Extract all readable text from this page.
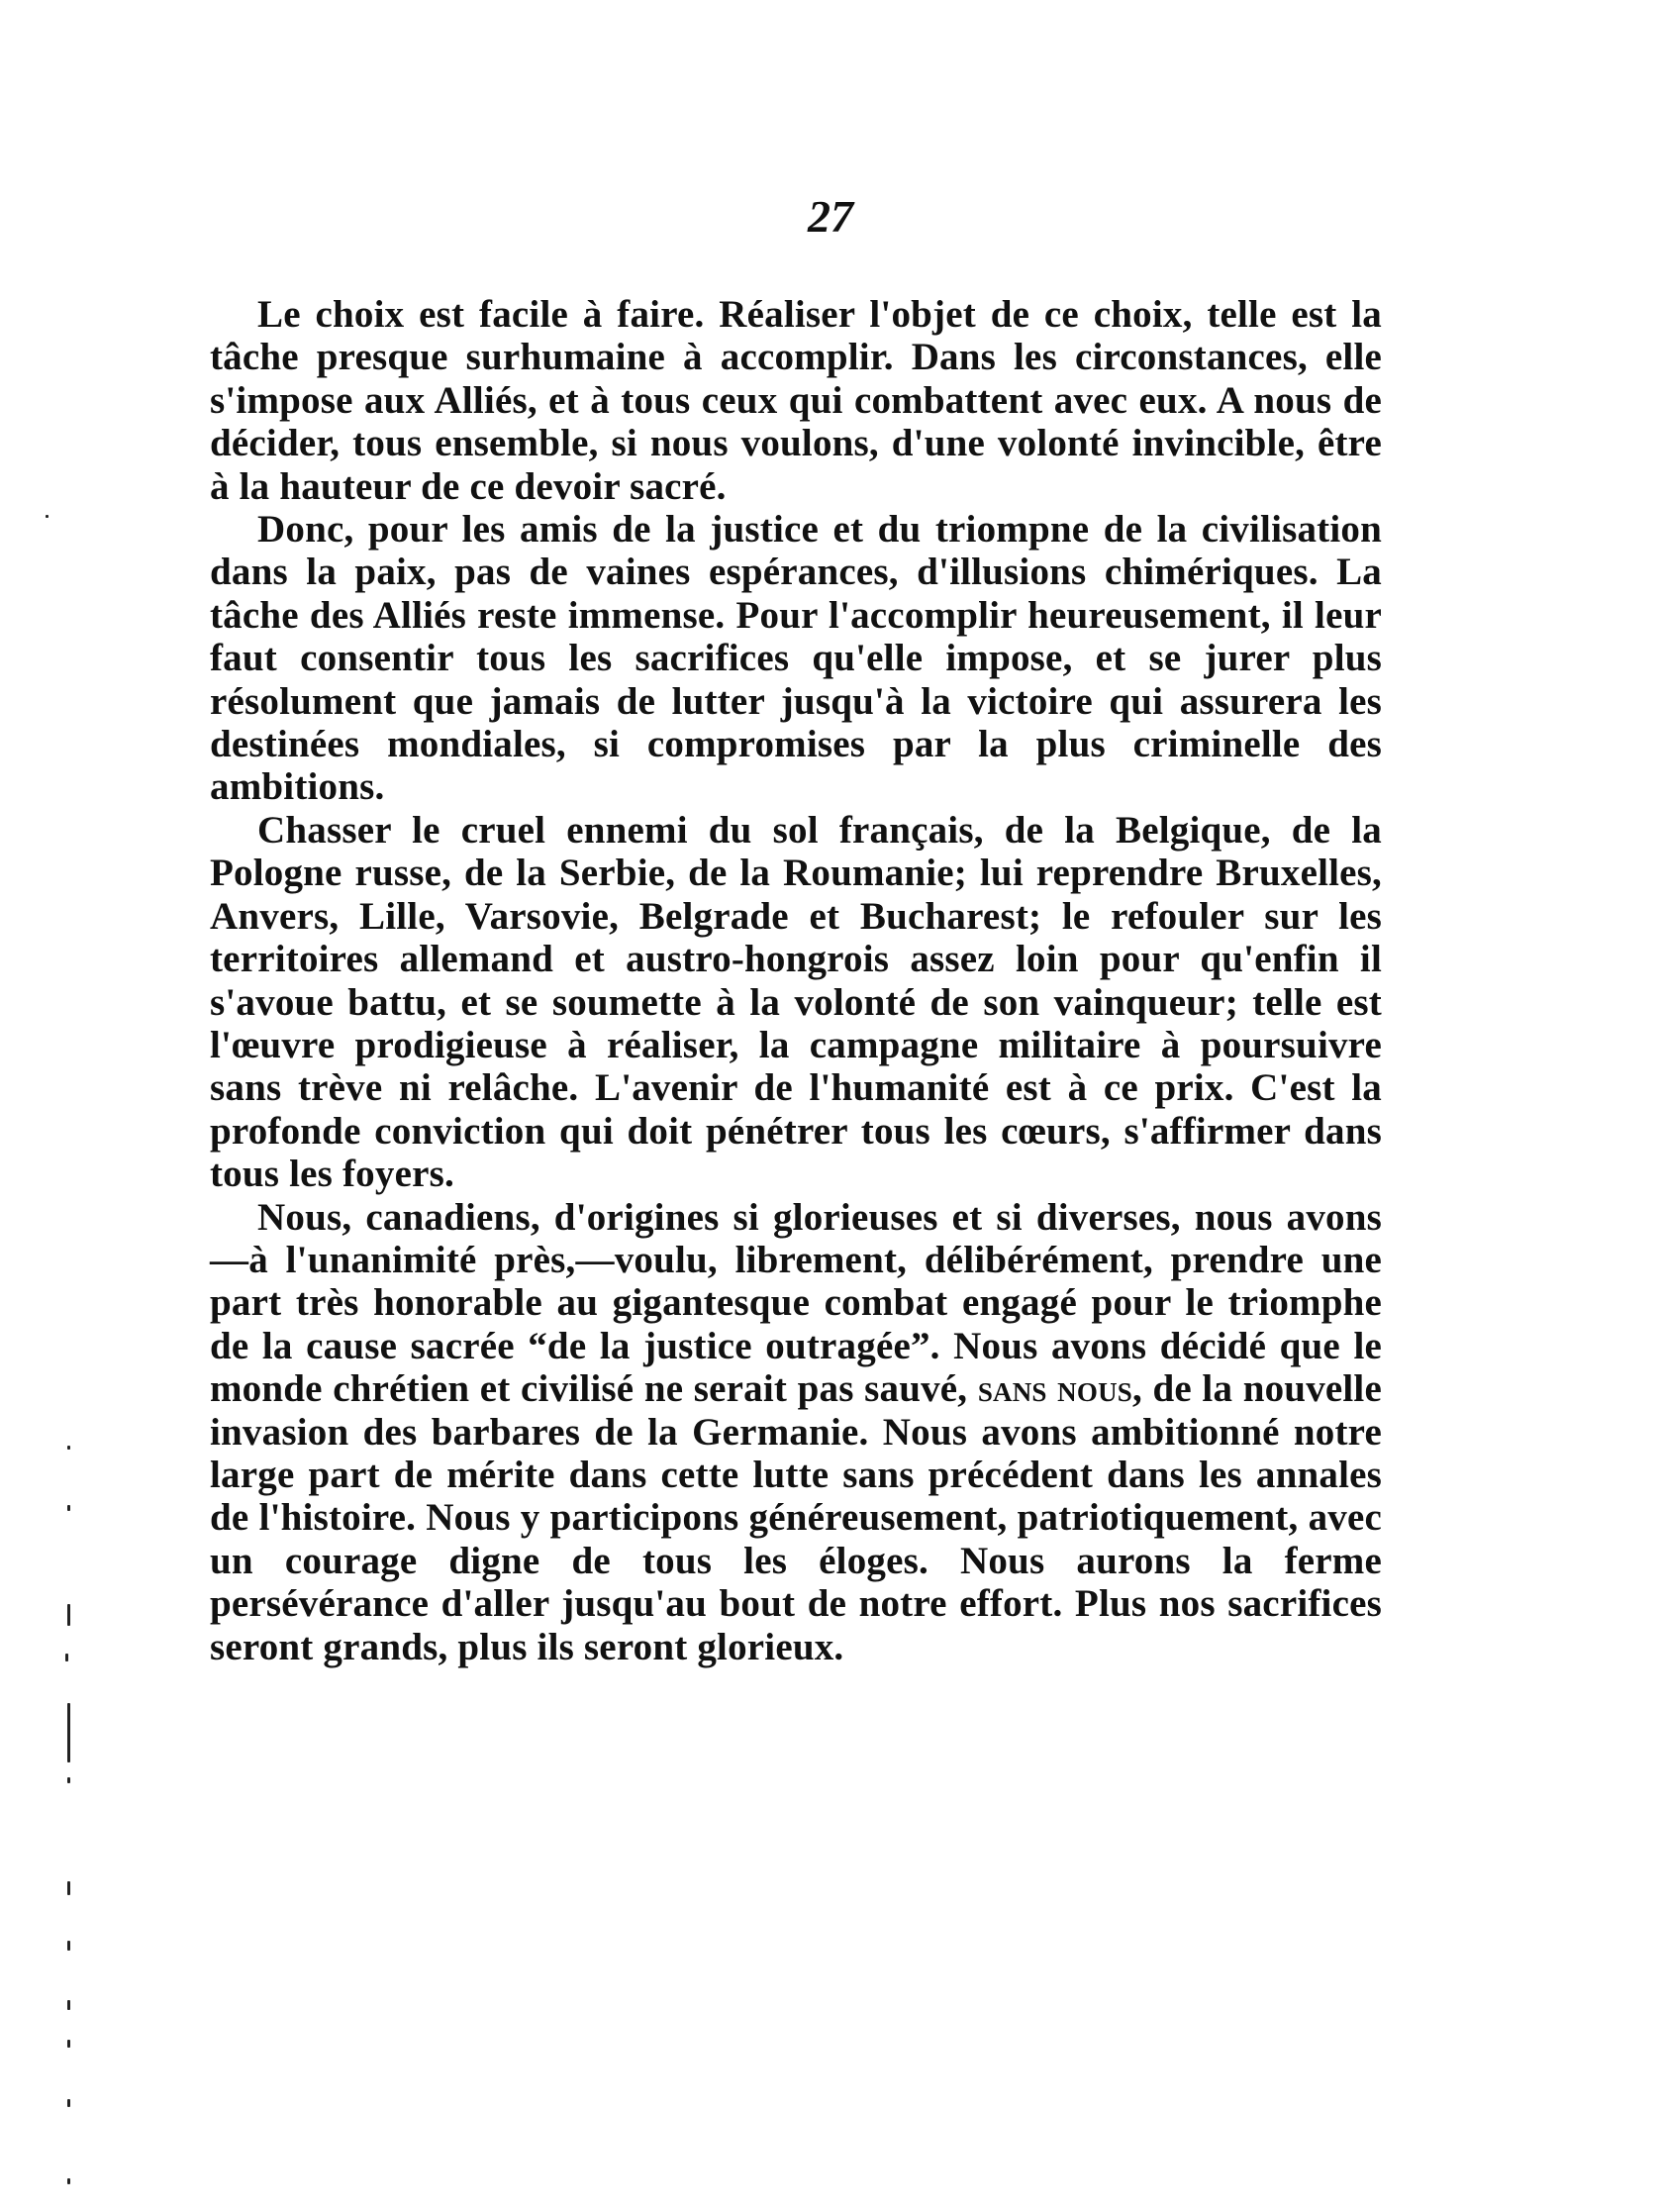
27

Le choix est facile à faire. Réaliser l'objet de ce choix, telle est la tâche presque surhumaine à accomplir. Dans les circonstances, elle s'impose aux Alliés, et à tous ceux qui combattent avec eux. A nous de décider, tous ensemble, si nous voulons, d'une volonté invincible, être à la hauteur de ce devoir sacré.

Donc, pour les amis de la justice et du triompne de la civilisation dans la paix, pas de vaines espérances, d'illusions chimériques. La tâche des Alliés reste immense. Pour l'accomplir heureusement, il leur faut consentir tous les sacrifices qu'elle impose, et se jurer plus résolument que jamais de lutter jusqu'à la victoire qui assurera les destinées mondiales, si compromises par la plus criminelle des ambitions.

Chasser le cruel ennemi du sol français, de la Belgique, de la Pologne russe, de la Serbie, de la Roumanie; lui reprendre Bruxelles, Anvers, Lille, Varsovie, Belgrade et Bucharest; le refouler sur les territoires allemand et austro-hongrois assez loin pour qu'enfin il s'avoue battu, et se soumette à la volonté de son vainqueur; telle est l'œuvre prodigieuse à réaliser, la campagne militaire à poursuivre sans trève ni relâche. L'avenir de l'humanité est à ce prix. C'est la profonde conviction qui doit pénétrer tous les cœurs, s'affirmer dans tous les foyers.

Nous, canadiens, d'origines si glorieuses et si diverses, nous avons—à l'unanimité près,—voulu, librement, délibérément, prendre une part très honorable au gigantesque combat engagé pour le triomphe de la cause sacrée “de la justice outragée”. Nous avons décidé que le monde chrétien et civilisé ne serait pas sauvé, sans nous, de la nouvelle invasion des barbares de la Germanie. Nous avons ambitionné notre large part de mérite dans cette lutte sans précédent dans les annales de l'histoire. Nous y participons généreusement, patriotiquement, avec un courage digne de tous les éloges. Nous aurons la ferme persévérance d'aller jusqu'au bout de notre effort. Plus nos sacrifices seront grands, plus ils seront glorieux.
